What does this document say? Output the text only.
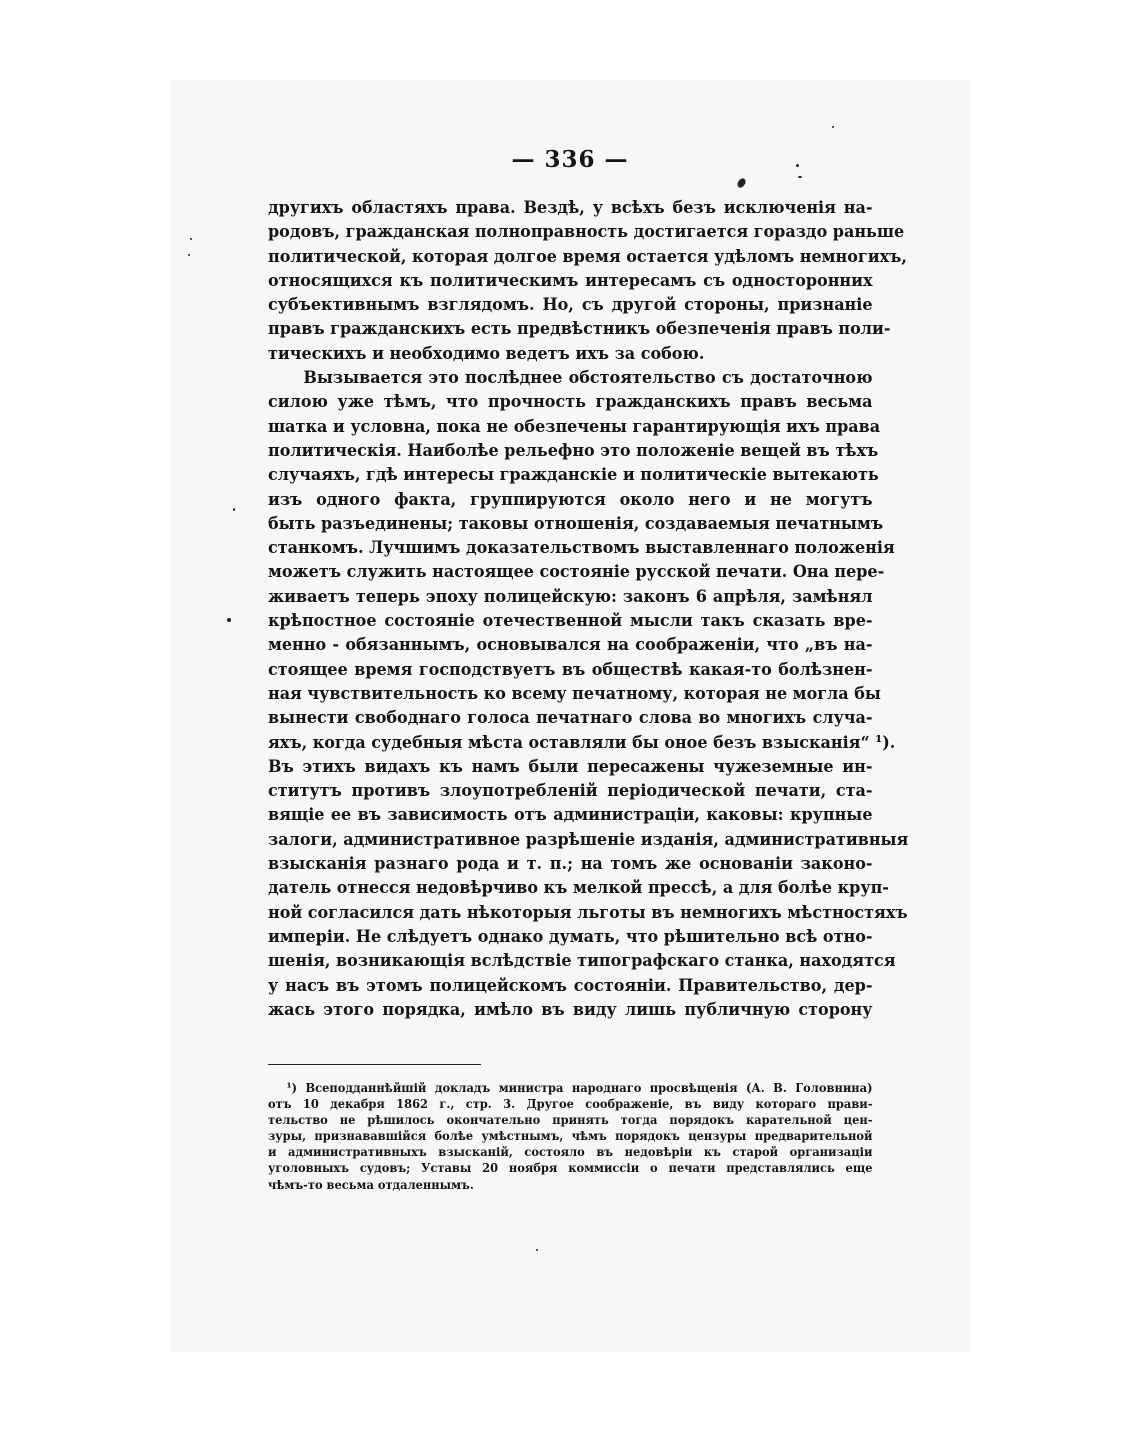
— 336 —
другихъ областяхъ права. Вездѣ, у всѣхъ безъ исключенія на-
родовъ, гражданская полноправность достигается гораздо раньше
политической, которая долгое время остается удѣломъ немногихъ,
относящихся къ политическимъ интересамъ съ односторонних
субъективнымъ взглядомъ. Но, съ другой стороны, признаніе
правъ гражданскихъ есть предвѣстникъ обезпеченія правъ поли-
тическихъ и необходимо ведетъ ихъ за собою.
Вызывается это послѣднее обстоятельство съ достаточною
силою уже тѣмъ, что прочность гражданскихъ правъ весьма
шатка и условна, пока не обезпечены гарантирующія ихъ права
политическія. Наиболѣе рельефно это положеніе вещей въ тѣхъ
случаяхъ, гдѣ интересы гражданскіе и политическіе вытекають
изъ одного факта, группируются около него и не могутъ
быть разъединены; таковы отношенія, создаваемыя печатнымъ
станкомъ. Лучшимъ доказательствомъ выставленнаго положенія
можетъ служить настоящее состояніе русской печати. Она пере-
живаетъ теперь эпоху полицейскую: законъ 6 апрѣля, замѣнял
крѣпостное состояніе отечественной мысли такъ сказать вре-
менно - обязаннымъ, основывался на соображеніи, что „въ на-
стоящее время господствуетъ въ обществѣ какая-то болѣзнен-
ная чувствительность ко всему печатному, которая не могла бы
вынести свободнаго голоса печатнаго слова во многихъ случа-
яхъ, когда судебныя мѣста оставляли бы оное безъ взысканія“ ¹).
Въ этихъ видахъ къ намъ были пересажены чужеземные ин-
ститутъ противъ злоупотребленій періодической печати, ста-
вящіе ее въ зависимость отъ администраціи, каковы: крупные
залоги, административное разрѣшеніе изданія, административныя
взысканія разнаго рода и т. п.; на томъ же основаніи законо-
датель отнесся недовѣрчиво къ мелкой прессѣ, а для болѣе круп-
ной согласился дать нѣкоторыя льготы въ немногихъ мѣстностяхъ
имперіи. Не слѣдуетъ однако думать, что рѣшительно всѣ отно-
шенія, возникающія вслѣдствіе типографскаго станка, находятся
у насъ въ этомъ полицейскомъ состояніи. Правительство, дер-
жась этого порядка, имѣло въ виду лишь публичную сторону
¹) Всеподданнѣйшій докладъ министра народнаго просвѣщенія (А. В. Головнина)
отъ 10 декабря 1862 г., стр. 3. Другое соображеніе, въ виду котораго прави-
тельство не рѣшилось окончательно принять тогда порядокъ карательной цен-
зуры, признававшійся болѣе умѣстнымъ, чѣмъ порядокъ цензуры предварительной
и административныхъ взысканій, состояло въ недовѣріи къ старой организаціи
уголовныхъ судовъ; Уставы 20 ноября коммиссіи о печати представлялись еще
чѣмъ-то весьма отдаленнымъ.
